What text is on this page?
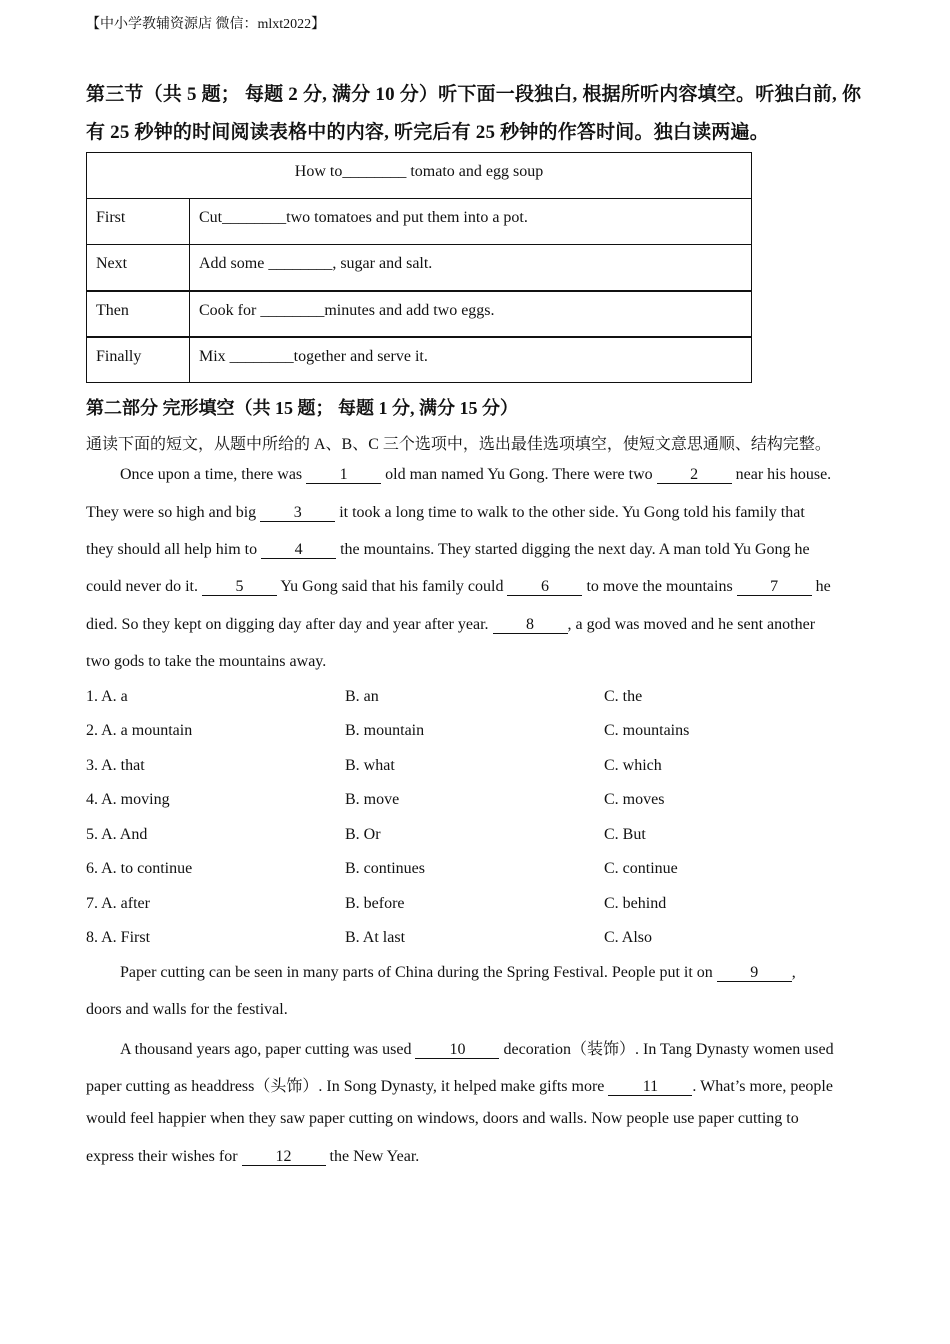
【中小学教辅资源店 微信：mlxt2022】
第三节（共 5 题； 每题 2 分, 满分 10 分）听下面一段独白, 根据所听内容填空。听独白前, 你
有 25 秒钟的时间阅读表格中的内容, 听完后有 25 秒钟的作答时间。独白读两遍。
How to________ tomato and egg soup	
First	Cut________two tomatoes and put them into a pot.
Next	Add some ________, sugar and salt.
Then	Cook for ________minutes and add two eggs.
Finally	Mix ________together and serve it.
第二部分 完形填空（共 15 题； 每题 1 分, 满分 15 分）
通读下面的短文，从题中所给的 A、B、C 三个选项中，选出最佳选项填空，使短文意思通顺、结构完整。
Once upon a time, there was 1 old man named Yu Gong. There were two 2 near his house.
They were so high and big 3 it took a long time to walk to the other side. Yu Gong told his family that
they should all help him to 4 the mountains. They started digging the next day. A man told Yu Gong he
could never do it. 5 Yu Gong said that his family could 6 to move the mountains 7 he
died. So they kept on digging day after day and year after year. 8 , a god was moved and he sent another
two gods to take the mountains away.
1. A. a	B. an	C. the
2. A. a mountain	B. mountain	C. mountains
3. A. that	B. what	C. which
4. A. moving	B. move	C. moves
5. A. And	B. Or	C. But
6. A. to continue	B. continues	C. continue
7. A. after	B. before	C. behind
8. A. First	B. At last	C. Also
Paper cutting can be seen in many parts of China during the Spring Festival. People put it on 9 ,
doors and walls for the festival.
A thousand years ago, paper cutting was used 10 decoration（装饰）. In Tang Dynasty women used
paper cutting as headdress（头饰）. In Song Dynasty, it helped make gifts more 11 . What’s more, people
would feel happier when they saw paper cutting on windows, doors and walls. Now people use paper cutting to
express their wishes for 12 the New Year.
